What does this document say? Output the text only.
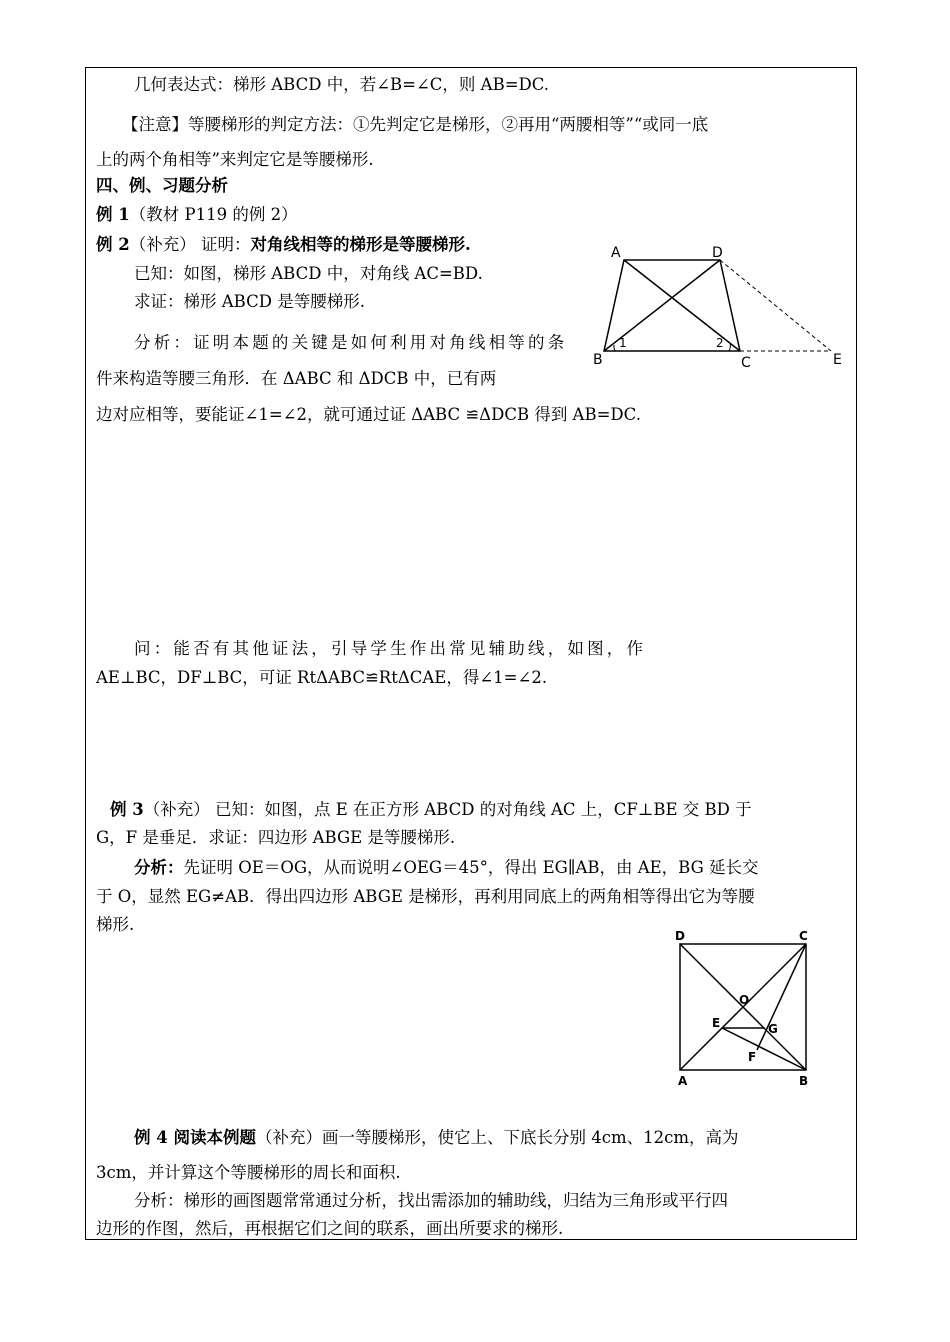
几何表达式：梯形 ABCD 中，若∠B=∠C，则 AB=DC.
【注意】等腰梯形的判定方法：①先判定它是梯形，②再用“两腰相等”“或同一底
上的两个角相等”来判定它是等腰梯形.
四、例、习题分析
例 1（教材 P119 的例 2）
例 2（补充） 证明：对角线相等的梯形是等腰梯形.
已知：如图，梯形 ABCD 中，对角线 AC=BD.
求证：梯形 ABCD 是等腰梯形.
分析：证明本题的关键是如何利用对角线相等的条
件来构造等腰三角形．在 ΔABC 和 ΔDCB 中，已有两
边对应相等，要能证∠1=∠2，就可通过证 ΔABC ≌ΔDCB 得到 AB=DC.
A	D
B	C	E
1	2
问：能否有其他证法，引导学生作出常见辅助线，如图，作
AE⊥BC，DF⊥BC，可证 RtΔABC≌RtΔCAE，得∠1=∠2.
例 3（补充） 已知：如图，点 E 在正方形 ABCD 的对角线 AC 上，CF⊥BE 交 BD 于
G，F 是垂足．求证：四边形 ABGE 是等腰梯形.
分析：先证明 OE＝OG，从而说明∠OEG＝45°，得出 EG∥AB，由 AE，BG 延长交
于 O，显然 EG≠AB．得出四边形 ABGE 是梯形，再利用同底上的两角相等得出它为等腰
梯形.
D	C
A	B
O
E	G
F
例 4 阅读本例题（补充）画一等腰梯形，使它上、下底长分别 4cm、12cm，高为
3cm，并计算这个等腰梯形的周长和面积.
分析：梯形的画图题常常通过分析，找出需添加的辅助线，归结为三角形或平行四
边形的作图，然后，再根据它们之间的联系，画出所要求的梯形.
